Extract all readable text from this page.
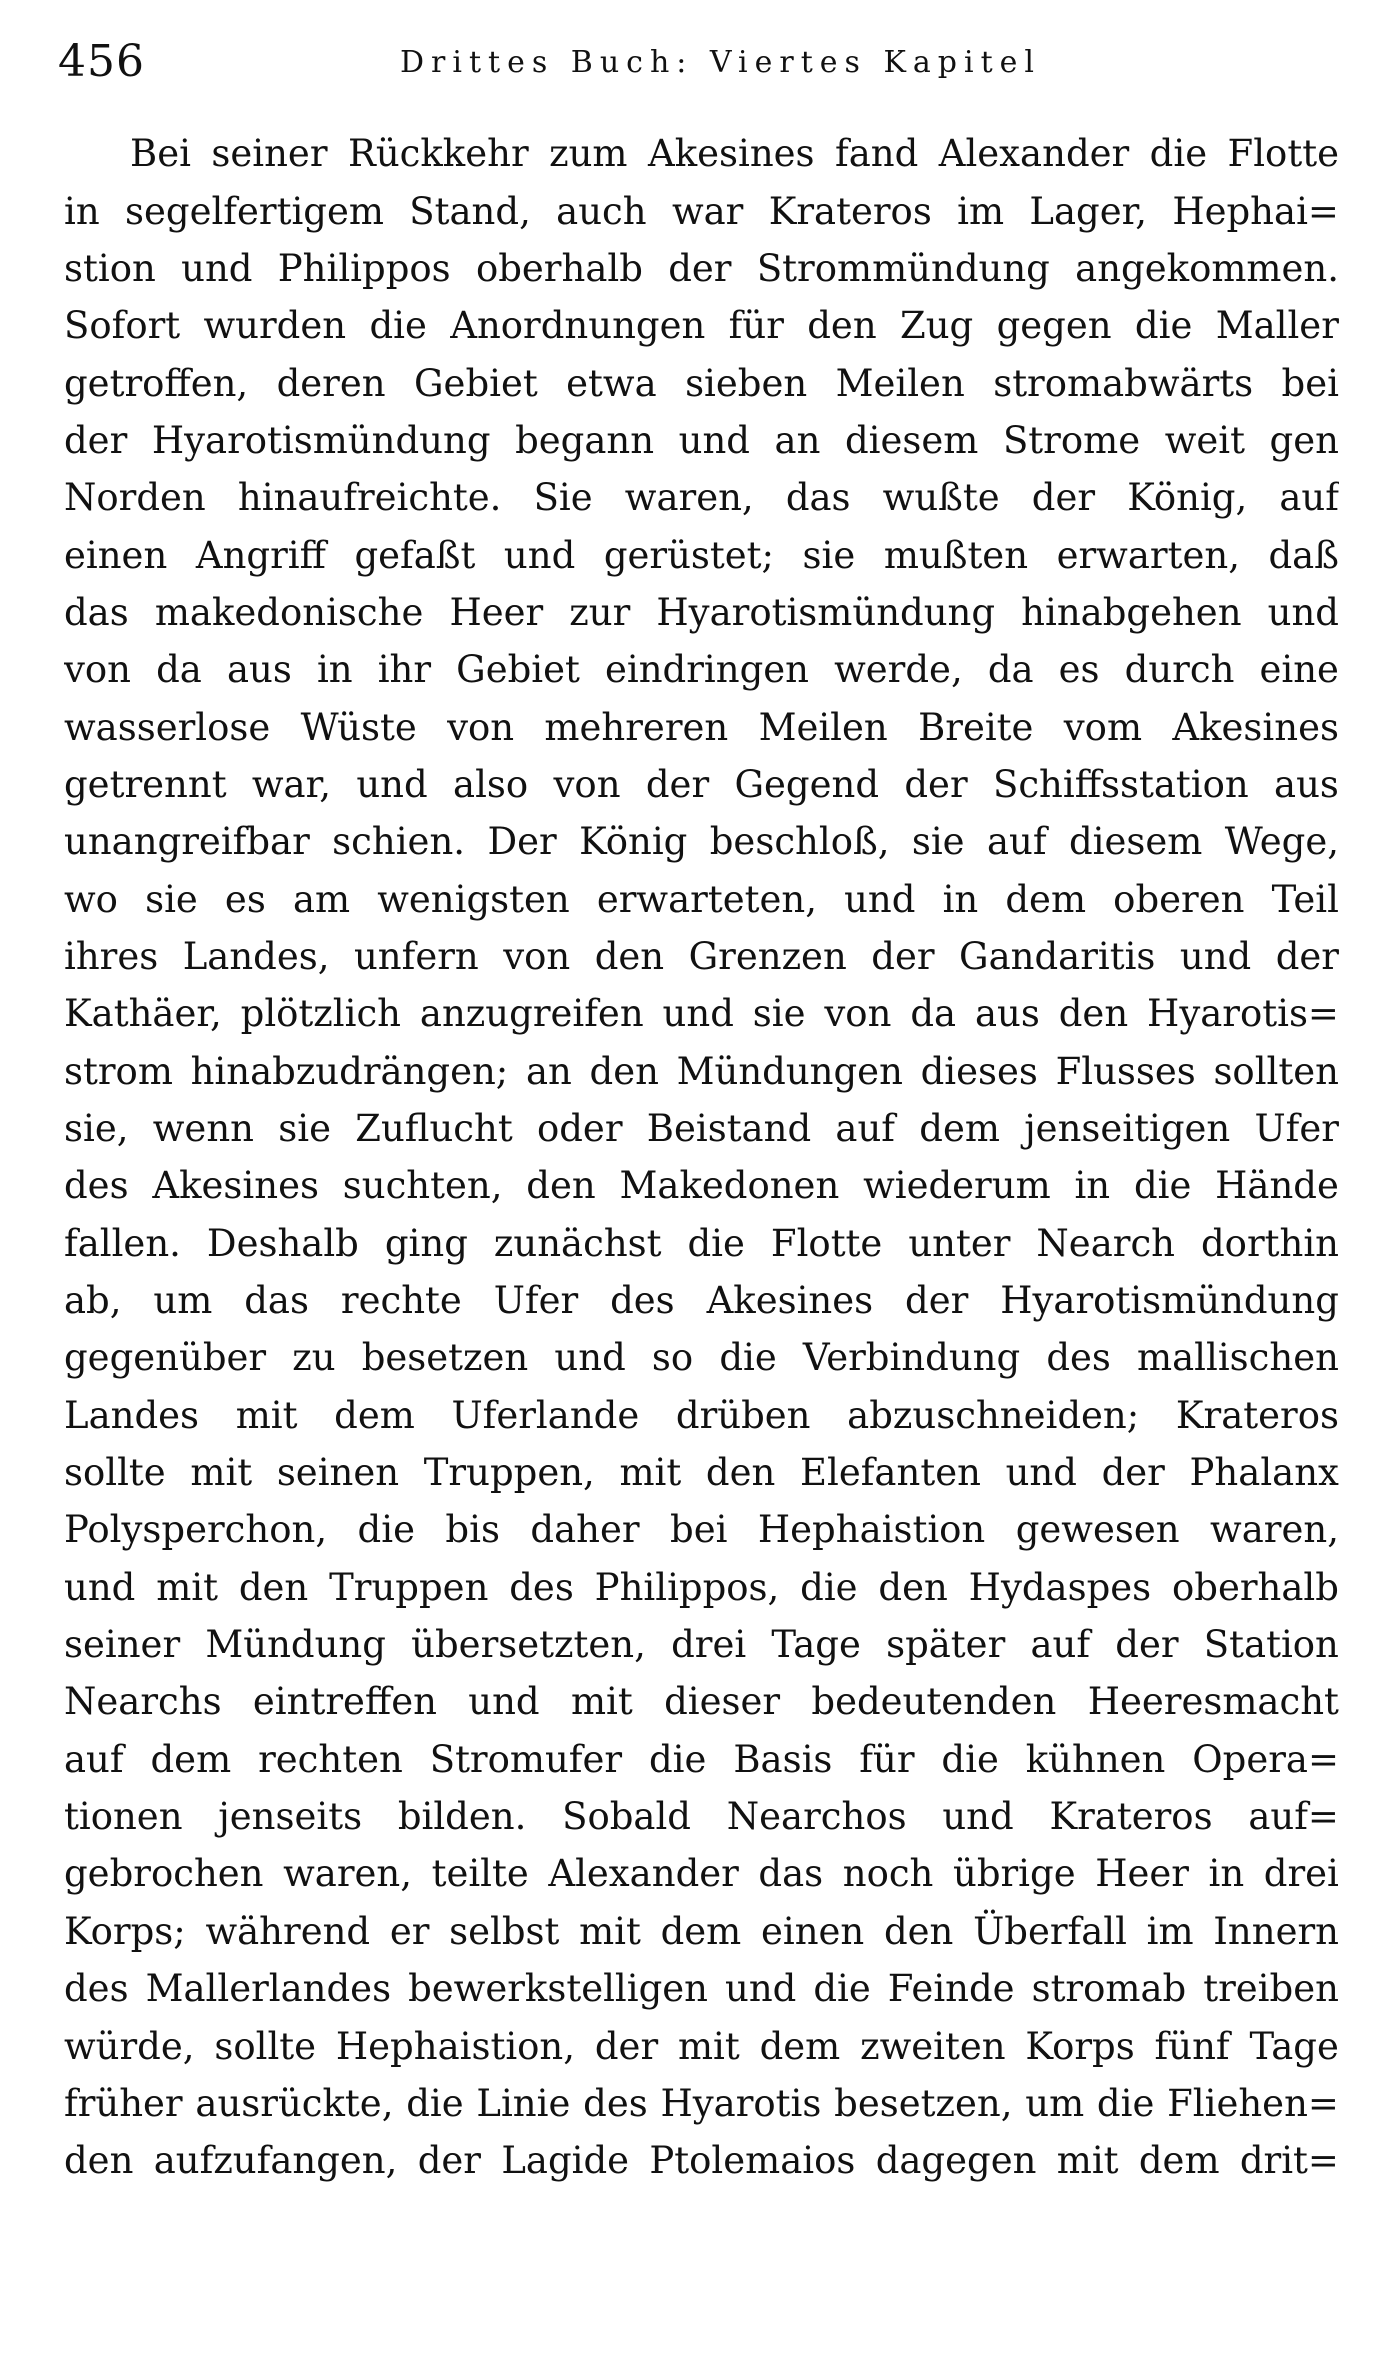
456	Drittes Buch: Viertes Kapitel
Bei seiner Rückkehr zum Akesines fand Alexander die Flotte
in segelfertigem Stand, auch war Krateros im Lager, Hephai=
stion und Philippos oberhalb der Strommündung angekommen.
Sofort wurden die Anordnungen für den Zug gegen die Maller
getroffen, deren Gebiet etwa sieben Meilen stromabwärts bei
der Hyarotismündung begann und an diesem Strome weit gen
Norden hinaufreichte. Sie waren, das wußte der König, auf
einen Angriff gefaßt und gerüstet; sie mußten erwarten, daß
das makedonische Heer zur Hyarotismündung hinabgehen und
von da aus in ihr Gebiet eindringen werde, da es durch eine
wasserlose Wüste von mehreren Meilen Breite vom Akesines
getrennt war, und also von der Gegend der Schiffsstation aus
unangreifbar schien. Der König beschloß, sie auf diesem Wege,
wo sie es am wenigsten erwarteten, und in dem oberen Teil
ihres Landes, unfern von den Grenzen der Gandaritis und der
Kathäer, plötzlich anzugreifen und sie von da aus den Hyarotis=
strom hinabzudrängen; an den Mündungen dieses Flusses sollten
sie, wenn sie Zuflucht oder Beistand auf dem jenseitigen Ufer
des Akesines suchten, den Makedonen wiederum in die Hände
fallen. Deshalb ging zunächst die Flotte unter Nearch dorthin
ab, um das rechte Ufer des Akesines der Hyarotismündung
gegenüber zu besetzen und so die Verbindung des mallischen
Landes mit dem Uferlande drüben abzuschneiden; Krateros
sollte mit seinen Truppen, mit den Elefanten und der Phalanx
Polysperchon, die bis daher bei Hephaistion gewesen waren,
und mit den Truppen des Philippos, die den Hydaspes oberhalb
seiner Mündung übersetzten, drei Tage später auf der Station
Nearchs eintreffen und mit dieser bedeutenden Heeresmacht
auf dem rechten Stromufer die Basis für die kühnen Opera=
tionen jenseits bilden. Sobald Nearchos und Krateros auf=
gebrochen waren, teilte Alexander das noch übrige Heer in drei
Korps; während er selbst mit dem einen den Überfall im Innern
des Mallerlandes bewerkstelligen und die Feinde stromab treiben
würde, sollte Hephaistion, der mit dem zweiten Korps fünf Tage
früher ausrückte, die Linie des Hyarotis besetzen, um die Fliehen=
den aufzufangen, der Lagide Ptolemaios dagegen mit dem drit=
